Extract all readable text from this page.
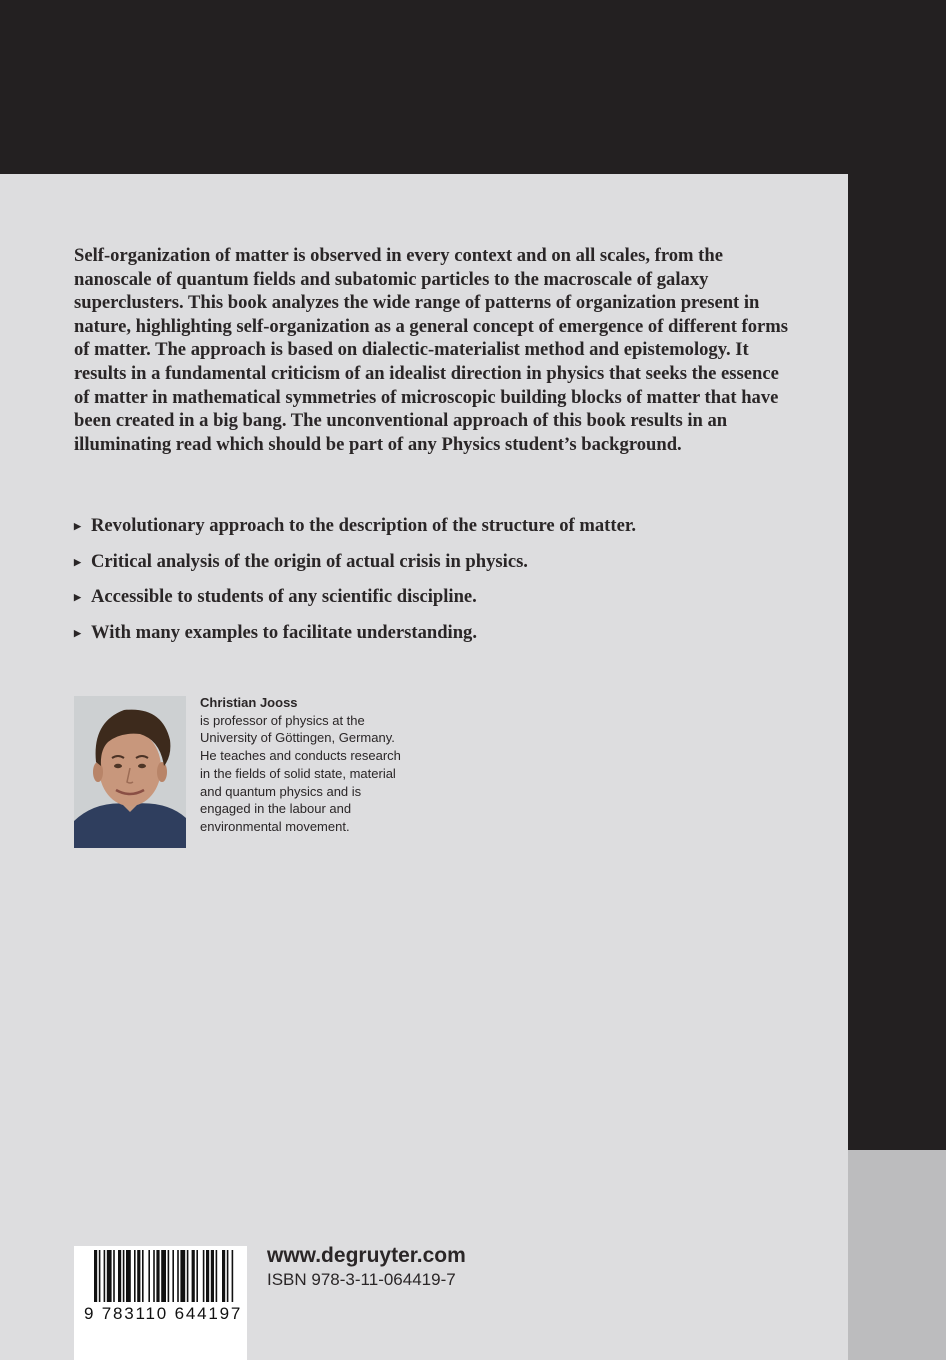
Self-organization of matter is observed in every context and on all scales, from the nanoscale of quantum fields and subatomic particles to the macroscale of galaxy superclusters. This book analyzes the wide range of patterns of organization present in nature, highlighting self-organization as a general concept of emergence of different forms of matter. The approach is based on dialectic-materialist method and epistemology. It results in a fundamental criticism of an idealist direction in physics that seeks the essence of matter in mathematical symmetries of microscopic building blocks of matter that have been created in a big bang. The unconventional approach of this book results in an illuminating read which should be part of any Physics student’s background.

▶ Revolutionary approach to the description of the structure of matter.
▶ Critical analysis of the origin of actual crisis in physics.
▶ Accessible to students of any scientific discipline.
▶ With many examples to facilitate understanding.
Christian Jooss

is professor of physics at the University of Göttingen, Germany. He teaches and conducts research in the fields of solid state, material and quantum physics and is engaged in the labour and environmental movement.

9 783110 644197
www.degruyter.com
ISBN 978-3-11-064419-7
